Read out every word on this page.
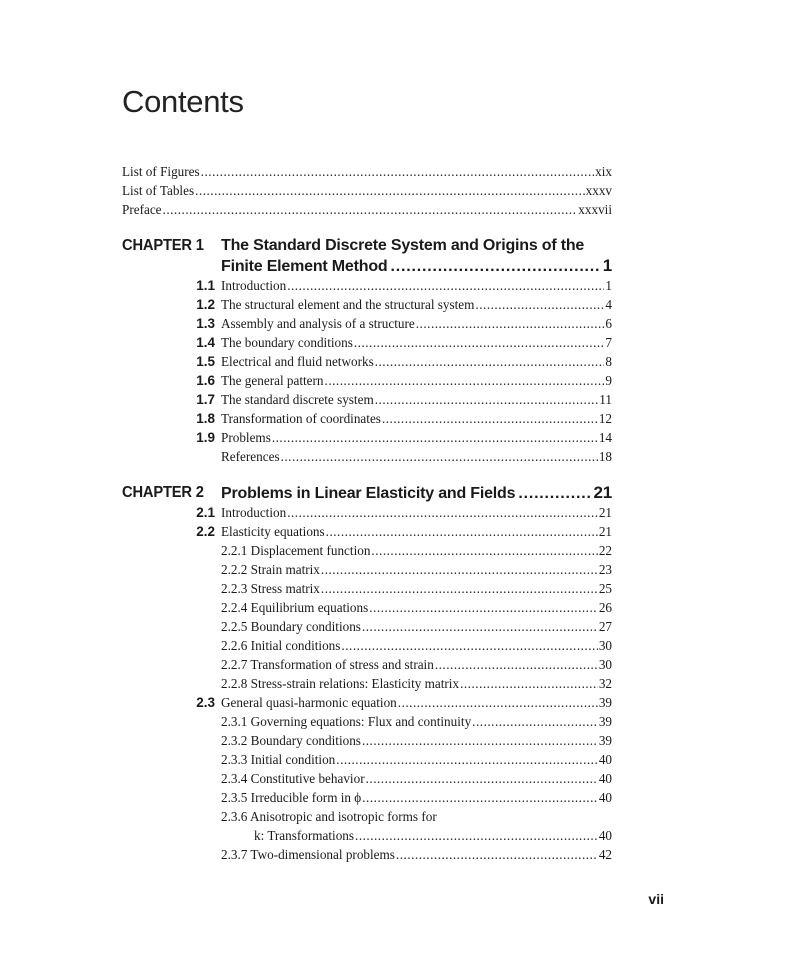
Contents
List of Figures .....	xix
List of Tables .....	xxxv
Preface .....	xxxvii
CHAPTER 1 The Standard Discrete System and Origins of the
Finite Element Method .....	1
1.1 Introduction .....	1
1.2 The structural element and the structural system .....	4
1.3 Assembly and analysis of a structure .....	6
1.4 The boundary conditions .....	7
1.5 Electrical and fluid networks .....	8
1.6 The general pattern .....	9
1.7 The standard discrete system .....	11
1.8 Transformation of coordinates .....	12
1.9 Problems .....	14
References .....	18
CHAPTER 2 Problems in Linear Elasticity and Fields .....	21
2.1 Introduction .....	21
2.2 Elasticity equations .....	21
2.2.1 Displacement function .....	22
2.2.2 Strain matrix .....	23
2.2.3 Stress matrix .....	25
2.2.4 Equilibrium equations .....	26
2.2.5 Boundary conditions .....	27
2.2.6 Initial conditions .....	30
2.2.7 Transformation of stress and strain .....	30
2.2.8 Stress-strain relations: Elasticity matrix .....	32
2.3 General quasi-harmonic equation .....	39
2.3.1 Governing equations: Flux and continuity .....	39
2.3.2 Boundary conditions .....	39
2.3.3 Initial condition .....	40
2.3.4 Constitutive behavior .....	40
2.3.5 Irreducible form in ϕ .....	40
2.3.6 Anisotropic and isotropic forms for
k: Transformations .....	40
2.3.7 Two-dimensional problems .....	42
vii
